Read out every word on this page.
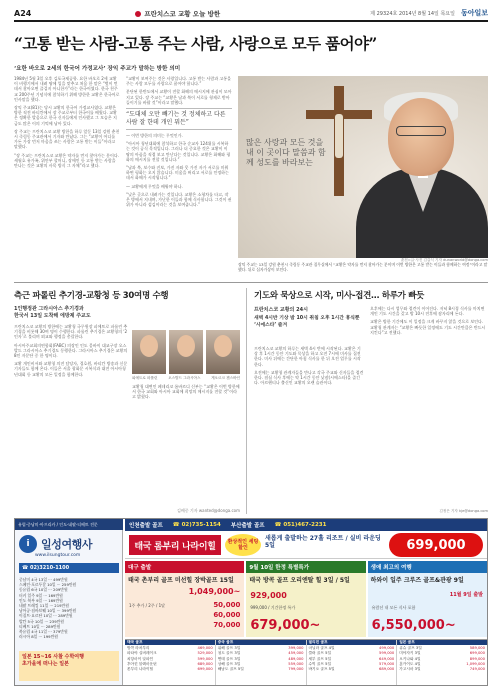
A24	프란치스코 교황 오늘 방한	제 29324호 2014년 8월 14일 목요일 동아일보
“고통 받는 사람-고통 주는 사람, 사랑으로 모두 품어야”
‘요한 바오로 2세의 한국어 가정교사’ 장익 주교가 말하는 방한 의미

1984년 5월 3일 오후 김포국제공항. 요한 바오로 2세 교황이 비행기에서 내려 땅에 입을 맞추고 처음 한 말은 “벗이 먼 데서 찾아오면 즐겁지 아니한가”라는 한국어였다. 한국 천주교 200주년 기념식에 참석하기 위해 방한한 교황은 한국어로 인사말을 했다.

장익 주교(81)는 당시 교황의 한국어 가정교사였다. 교황은 방한 직전 바티칸에서 장 주교로부터 한국어를 배웠다. 교황은 정확한 발음으로 한국 신자들에게 인사했고 그 모습은 지금도 많은 이의 기억에 남아 있다.

장 주교는 프란치스코 교황 방한을 하루 앞둔 13일 강원 춘천시 죽림동 주교관에서 기자와 만났다. 그는 “교황이 어디를 가든 가장 먼저 마음을 쓰는 사람은 고통 받는 이들”이라고 말했다.

“장 주교는 프란치스코 교황은 약자를 먼저 찾아가는 분이다. 세월호 유가족, 위안부 할머니, 장애인 등 고통 받는 사람을 만나는 것은 교황의 사목 방식 그 자체”라고 했다.

“교황이 보여주는 것은 사랑입니다. 고통 받는 사람과 고통을 주는 사람 모두를 사랑으로 품어야 합니다.”

분단된 한반도에서 교황이 전할 화해의 메시지에 관심이 모아지고 있다. 장 주교는 “교황은 남과 북이 서로를 형제로 받아들이기를 바랄 것”이라고 말했다.

“도대체 오만 빼기는 것 정체하고 다른 사람 잘 한데 개인 뭐든”

— 이번 방한의 의미는 무엇인가.

“아시아 청년대회에 참석하고 한국 순교자 124위를 시복하는 것이 공식 목적입니다. 그러나 더 중요한 것은 교황이 이 땅의 아픔을 직접 보고 만난다는 것입니다. 교황은 화해와 평화의 메시지를 전할 것입니다.”

“남과 북, 보수와 진보, 가진 자와 못 가진 자가 서로를 미워하면 평화는 오지 않습니다. 미움을 버리고 서로를 인정하는 데서 화해가 시작됩니다.”

— 교황에게 무엇을 배워야 하나.

“낮은 곳으로 내려가는 것입니다. 교황은 소형차를 타고, 작은 방에서 지내며, 가난한 이들과 함께 식사합니다. 그것이 권위가 아니라 섬김이라는 것을 보여줍니다.”

많은 사랑과 모든 것을 내 이 곳이다 말씀과 함께 성도를 바라보는
춘천=글·사진 김갑식 기자 dunanworld@donga.com
장익 주교는 13일 강원 춘천시 죽림동 주교관 집무실에서 “교황은 약자를 먼저 찾아가는 분이며 이번 방한은 고통 받는 이들과 함께하는 여정”이라고 말했다. 뒤로 십자가상이 보인다.
측근 파롤린 추기경-교황청 등 30여명 수행
1인행정관 그라시아스 추기경과
한국서 13일 도착해 에방제 주교도

프란치스코 교황의 방한에는 교황청 국무원장 피에트로 파롤린 추기경을 비롯해 30여 명이 수행한다. 파롤린 추기경은 교황청의 ‘2인자’로 불리며 외교와 행정을 총괄한다.

아시아주교회의연합회(FABC) 의장인 인도 뭄바이 대교구장 오스발드 그라시아스 추기경도 동행한다. 그라시아스 추기경은 교황의 8인 자문단 중 한 명이다.

교황 개인비서와 교황청 의전 담당자, 경호원, 바티칸 방송과 신문 기자들도 함께 온다. 이들은 서울 광화문 시복식과 대전 아시아청년대회 등 교황의 모든 일정을 함께한다.

피에트로 파롤린	오스발드 그라시아스	게오르크 겐스바인

교황청 대변인 페데리코 롬바르디 신부는 “교황은 이번 방한에서 한국 교회와 아시아 교회에 희망의 메시지를 전할 것”이라고 밝혔다.

김배중 기자 wanted@donga.com
기도와 묵상으로 시작, 미사-접견… 하루가 빠듯
프란치스코 교황의 24시
새벽 4시반 기상 밤 10시 취침 오후 1시간 휴식뿐 ‘시에스타’ 즐겨

프란치스코 교황의 하루는 새벽 4시 반에 시작된다. 교황은 기상 후 1시간 동안 기도와 묵상을 하고 오전 7시에 미사를 집전한다. 미사 뒤에는 간단한 아침 식사를 한 뒤 오전 업무를 시작한다.

오전에는 교황청 관계자들을 만나고 각국 주교와 신자들을 접견한다. 점심 식사 후에는 약 1시간 동안 낮잠(시에스타)을 즐긴다. 아르헨티나 출신인 교황의 오랜 습관이다.

오후에는 다시 업무와 접견이 이어진다. 저녁 8시경 식사를 마치면 개인 기도 시간을 갖고 밤 10시 전후에 잠자리에 든다.

교황은 방한 기간에도 이 일정을 크게 바꾸지 않을 것으로 보인다. 교황청 관계자는 “교황은 빠듯한 일정에도 기도 시간만큼은 반드시 지킨다”고 전했다.

김정은 기자 kje@donga.com
유럽·중남미·아프리카 / 인도·네팔·티베트 전문
i	일성여행사
www.ilsungtour.com
☎ 02)3210-1100
중남미 4국 13일 ··· 499만원
스페인·포르투갈 10일 ··· 259만원
동유럽 6국 10일 ··· 209만원
터키 일주 9일 ··· 169만원
인도 북부 9일 ··· 169만원
네팔 트레킹 11일 ··· 219만원
남아공·짐바브웨 10일 ··· 399만원
이집트·요르단 10일 ··· 289만원
발칸 5국 10일 ··· 239만원
티베트 10일 ··· 289만원
북유럽 4국 11일 ··· 379만원
러시아 8일 ··· 199만원
일본 15~16 사찰 수학여행
초가을에 떠나는 일본
인천출발 골프 ☎ 02)735-1154 부산출발 골프 ☎ 051)467-2231
태국 롬부리 나라이힐	환상적인 세팅 할인
새롭게 출발하는 27홀 리조트 / 실비 라운딩 5일	699,000
대구 출발
태국 촌부리 골프 미선힐 장박골프 15일
1,049,000~
1주 추가 / 2주 / 1달	50,000
60,000
70,000
9월 10일 한정 특별특가
태국 방콕 골프 오리엔탈 힐 3일 / 5일
929,000
999,000 / 기간한정 특가
679,000~
생애 최고의 여행
하와이 일주 크루즈 골프&관광 9일
11월 9일 출발
유람선 내 모든 식사 포함
6,550,000~
태국 골프
방콕 라차부리	469,000
파타야 실버레이크	529,000
치앙마이 알파인	599,000
후아힌 블랙마운틴	689,000
촌부리 나라이힐	699,000
중국 골프
위해 골프 3일	399,000
청도 골프 3일	459,000
연태 골프 3일	489,000
상해 골프 3일	559,000
해남도 골프 5일	799,000
필리핀 골프
마닐라 골프 4일	499,000
클락 골프 5일	599,000
세부 골프 5일	649,000
수빅 골프 5일	579,000
바기오 골프 5일	689,000
일본 골프
큐슈 골프 3일	589,000
미야자키 3일	699,000
오키나와 4일	899,000
홋카이도 4일	1,099,000
가고시마 3일	749,000
